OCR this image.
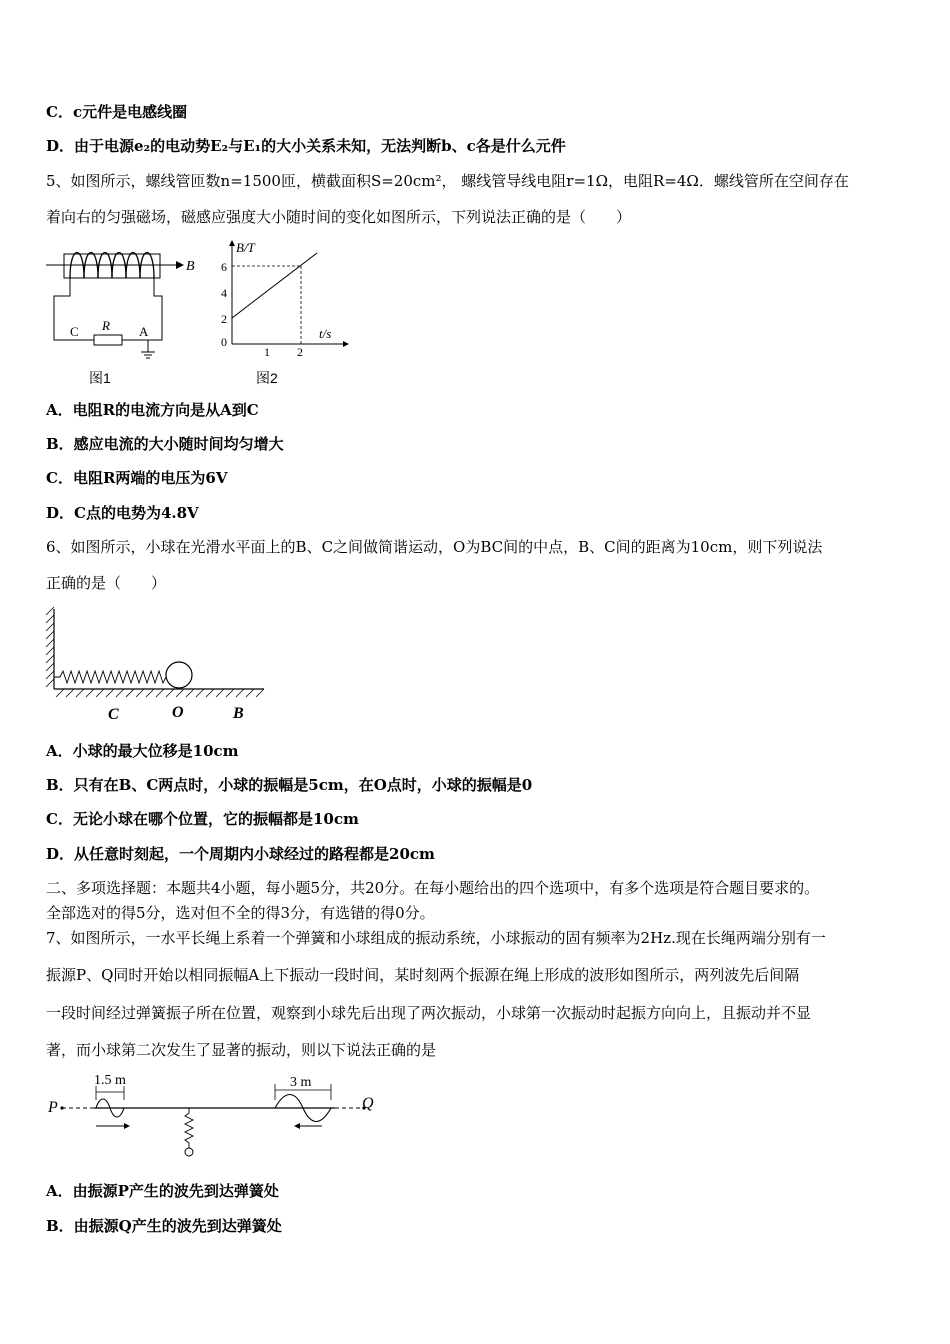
C．c元件是电感线圈
D．由于电源e₂的电动势E₂与E₁的大小关系未知，无法判断b、c各是什么元件
5、如图所示，螺线管匝数n=1500匝，横截面积S=20cm²， 螺线管导线电阻r=1Ω，电阻R=4Ω．螺线管所在空间存在
着向右的匀强磁场，磁感应强度大小随时间的变化如图所示，下列说法正确的是（　　）
B
R
C	A
图1
B/T
t/s
6
4
2
0
1 2
图2
A．电阻R的电流方向是从A到C
B．感应电流的大小随时间均匀增大
C．电阻R两端的电压为6V
D．C点的电势为4.8V
6、如图所示，小球在光滑水平面上的B、C之间做简谐运动，O为BC间的中点，B、C间的距离为10cm，则下列说法
正确的是（　　）
C	O	B
A．小球的最大位移是10cm
B．只有在B、C两点时，小球的振幅是5cm，在O点时，小球的振幅是0
C．无论小球在哪个位置，它的振幅都是10cm
D．从任意时刻起，一个周期内小球经过的路程都是20cm
二、多项选择题：本题共4小题，每小题5分，共20分。在每小题给出的四个选项中，有多个选项是符合题目要求的。
全部选对的得5分，选对但不全的得3分，有选错的得0分。
7、如图所示，一水平长绳上系着一个弹簧和小球组成的振动系统，小球振动的固有频率为2Hz.现在长绳两端分别有一
振源P、Q同时开始以相同振幅A上下振动一段时间，某时刻两个振源在绳上形成的波形如图所示，两列波先后间隔
一段时间经过弹簧振子所在位置，观察到小球先后出现了两次振动，小球第一次振动时起振方向向上，且振动并不显
著，而小球第二次发生了显著的振动，则以下说法正确的是
P	Q
1.5 m	3 m
A．由振源P产生的波先到达弹簧处
B．由振源Q产生的波先到达弹簧处
